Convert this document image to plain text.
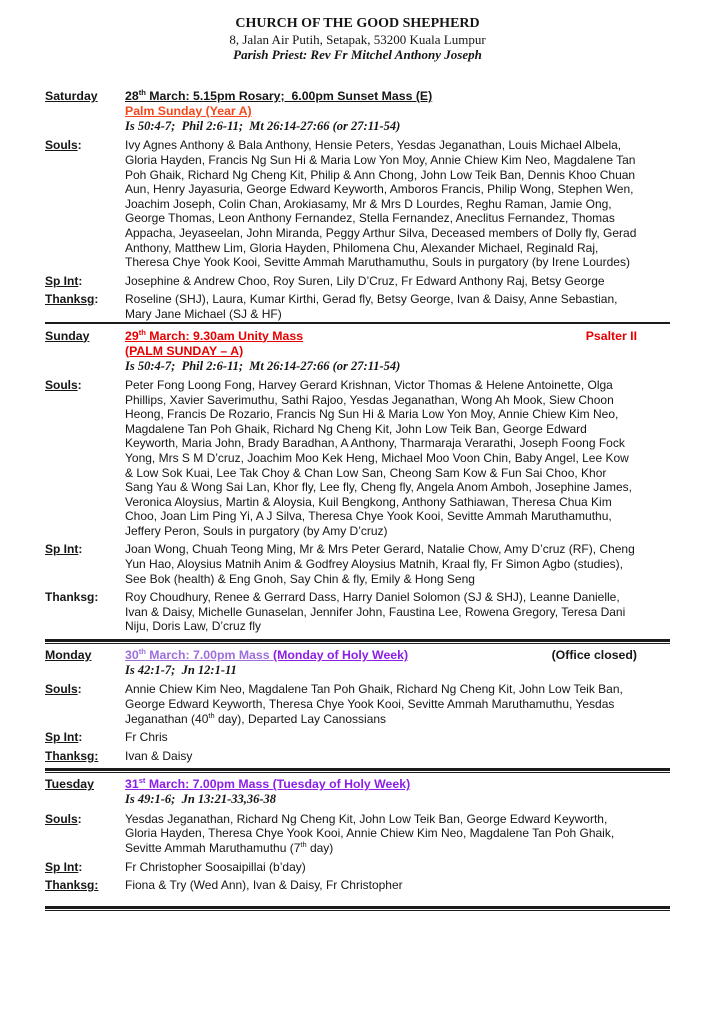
CHURCH OF THE GOOD SHEPHERD
8, Jalan Air Putih, Setapak, 53200 Kuala Lumpur
Parish Priest: Rev Fr Mitchel Anthony Joseph
Saturday	28th March: 5.15pm Rosary;  6.00pm Sunset Mass (E)
Palm Sunday (Year A)
Is 50:4-7;  Phil 2:6-11;  Mt 26:14-27:66 (or 27:11-54)
Souls:	Ivy Agnes Anthony & Bala Anthony, Hensie Peters, Yesdas Jeganathan, Louis Michael Albela, Gloria Hayden, Francis Ng Sun Hi & Maria Low Yon Moy, Annie Chiew Kim Neo, Magdalene Tan Poh Ghaik, Richard Ng Cheng Kit, Philip & Ann Chong, John Low Teik Ban, Dennis Khoo Chuan Aun, Henry Jayasuria, George Edward Keyworth, Amboros Francis, Philip Wong, Stephen Wen, Joachim Joseph, Colin Chan, Arokiasamy, Mr & Mrs D Lourdes, Reghu Raman, Jamie Ong, George Thomas, Leon Anthony Fernandez, Stella Fernandez, Aneclitus Fernandez, Thomas Appacha, Jeyaseelan, John Miranda, Peggy Arthur Silva, Deceased members of Dolly fly, Gerad Anthony, Matthew Lim, Gloria Hayden, Philomena Chu, Alexander Michael, Reginald Raj, Theresa Chye Yook Kooi, Sevitte Ammah Maruthamuthu, Souls in purgatory (by Irene Lourdes)
Sp Int:	Josephine & Andrew Choo, Roy Suren, Lily D’Cruz, Fr Edward Anthony Raj, Betsy George
Thanksg:	Roseline (SHJ), Laura, Kumar Kirthi, Gerad fly, Betsy George, Ivan & Daisy, Anne Sebastian, Mary Jane Michael (SJ & HF)
Sunday	29th March: 9.30am Unity Mass	Psalter II
(PALM SUNDAY – A)
Is 50:4-7;  Phil 2:6-11;  Mt 26:14-27:66 (or 27:11-54)
Souls:	Peter Fong Loong Fong, Harvey Gerard Krishnan, Victor Thomas & Helene Antoinette, Olga Phillips, Xavier Saverimuthu, Sathi Rajoo, Yesdas Jeganathan, Wong Ah Mook, Siew Choon Heong, Francis De Rozario, Francis Ng Sun Hi & Maria Low Yon Moy, Annie Chiew Kim Neo, Magdalene Tan Poh Ghaik, Richard Ng Cheng Kit, John Low Teik Ban, George Edward Keyworth, Maria John, Brady Baradhan, A Anthony, Tharmaraja Verarathi, Joseph Foong Fock Yong, Mrs S M D’cruz, Joachim Moo Kek Heng, Michael Moo Voon Chin, Baby Angel, Lee Kow & Low Sok Kuai, Lee Tak Choy & Chan Low San, Cheong Sam Kow & Fun Sai Choo, Khor Sang Yau & Wong Sai Lan, Khor fly, Lee fly, Cheng fly, Angela Anom Amboh, Josephine James, Veronica Aloysius, Martin & Aloysia, Kuil Bengkong, Anthony Sathiawan, Theresa Chua Kim Choo, Joan Lim Ping Yi, A J Silva, Theresa Chye Yook Kooi, Sevitte Ammah Maruthamuthu, Jeffery Peron, Souls in purgatory (by Amy D’cruz)
Sp Int:	Joan Wong, Chuah Teong Ming, Mr & Mrs Peter Gerard, Natalie Chow, Amy D’cruz (RF), Cheng Yun Hao, Aloysius Matnih Anim & Godfrey Aloysius Matnih, Kraal fly, Fr Simon Agbo (studies), See Bok (health) & Eng Gnoh, Say Chin & fly, Emily & Hong Seng
Thanksg:	Roy Choudhury, Renee & Gerrard Dass, Harry Daniel Solomon (SJ & SHJ), Leanne Danielle, Ivan & Daisy, Michelle Gunaselan, Jennifer John, Faustina Lee, Rowena Gregory, Teresa Dani Niju, Doris Law, D’cruz fly
Monday	30th March: 7.00pm Mass (Monday of Holy Week)	(Office closed)
Is 42:1-7;  Jn 12:1-11
Souls:	Annie Chiew Kim Neo, Magdalene Tan Poh Ghaik, Richard Ng Cheng Kit, John Low Teik Ban, George Edward Keyworth, Theresa Chye Yook Kooi, Sevitte Ammah Maruthamuthu, Yesdas Jeganathan (40th day), Departed Lay Canossians
Sp Int:	Fr Chris
Thanksg:	Ivan & Daisy
Tuesday	31st March: 7.00pm Mass (Tuesday of Holy Week)
Is 49:1-6;  Jn 13:21-33,36-38
Souls:	Yesdas Jeganathan, Richard Ng Cheng Kit, John Low Teik Ban, George Edward Keyworth, Gloria Hayden, Theresa Chye Yook Kooi, Annie Chiew Kim Neo, Magdalene Tan Poh Ghaik, Sevitte Ammah Maruthamuthu (7th day)
Sp Int:	Fr Christopher Soosaipillai (b’day)
Thanksg:	Fiona & Try (Wed Ann), Ivan & Daisy, Fr Christopher
